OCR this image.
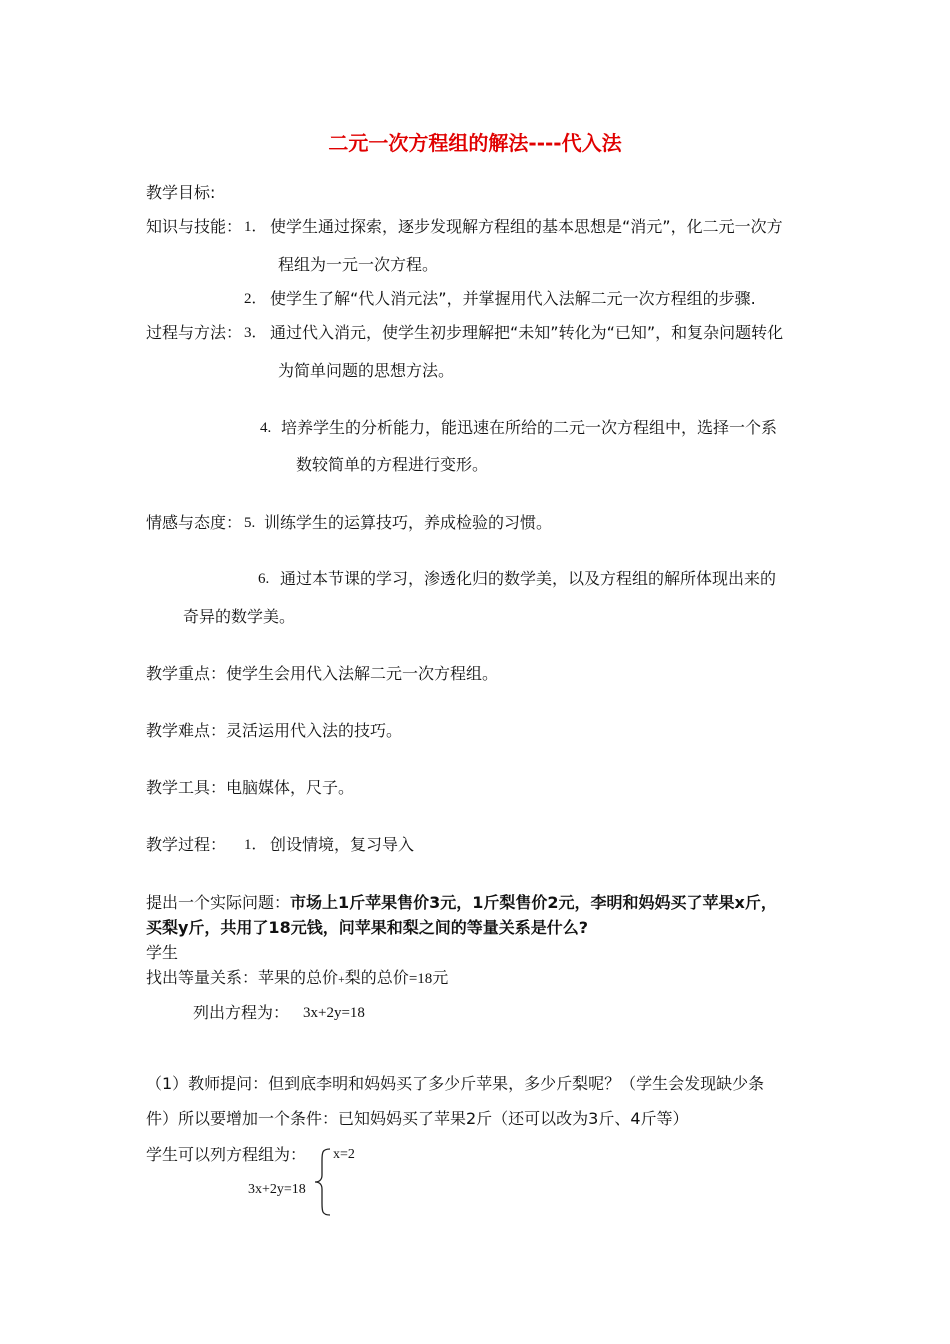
二元一次方程组的解法----代入法
教学目标:
知识与技能： 1． 使学生通过探索，逐步发现解方程组的基本思想是“消元”，化二元一次方
程组为一元一次方程。
2． 使学生了解“代人消元法”，并掌握用代入法解二元一次方程组的步骤.
过程与方法： 3． 通过代入消元，使学生初步理解把“未知”转化为“已知”，和复杂问题转化
为简单问题的思想方法。
4. 培养学生的分析能力，能迅速在所给的二元一次方程组中，选择一个系
数较简单的方程进行变形。
情感与态度： 5. 训练学生的运算技巧，养成检验的习惯。
6. 通过本节课的学习，渗透化归的数学美，以及方程组的解所体现出来的
奇异的数学美。
教学重点：使学生会用代入法解二元一次方程组。
教学难点：灵活运用代入法的技巧。
教学工具：电脑媒体，尺子。
教学过程： 1． 创设情境，复习导入
提出一个实际问题：市场上1斤苹果售价3元，1斤梨售价2元，李明和妈妈买了苹果x斤，
买梨y斤，共用了18元钱，问苹果和梨之间的等量关系是什么?
学生
找出等量关系：苹果的总价+梨的总价=18元
列出方程为： 3x+2y=18
（1）教师提问：但到底李明和妈妈买了多少斤苹果，多少斤梨呢？（学生会发现缺少条
件）所以要增加一个条件：已知妈妈买了苹果2斤（还可以改为3斤、4斤等）
学生可以列方程组为： x=2
3x+2y=18
